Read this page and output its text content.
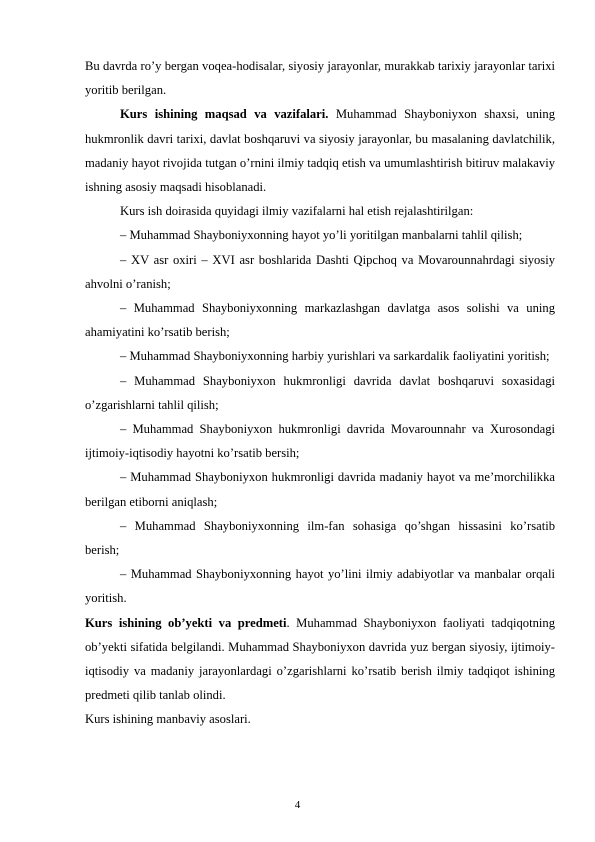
Bu davrda ro’y bergan voqea-hodisalar, siyosiy jarayonlar, murakkab tarixiy jarayonlar tarixi yoritib berilgan.

Kurs ishining maqsad va vazifalari. Muhammad Shayboniyxon shaxsi, uning hukmronlik davri tarixi, davlat boshqaruvi va siyosiy jarayonlar, bu masalaning davlatchilik, madaniy hayot rivojida tutgan o’rnini ilmiy tadqiq etish va umumlashtirish bitiruv malakaviy ishning asosiy maqsadi hisoblanadi.

Kurs ish doirasida quyidagi ilmiy vazifalarni hal etish rejalashtirilgan:

– Muhammad Shayboniyxonning hayot yo’li yoritilgan manbalarni tahlil qilish;

– XV asr oxiri – XVI asr boshlarida Dashti Qipchoq va Movarounnahrdagi siyosiy ahvolni o’ranish;

– Muhammad Shayboniyxonning markazlashgan davlatga asos solishi va uning ahamiyatini ko’rsatib berish;

– Muhammad Shayboniyxonning harbiy yurishlari va sarkardalik faoliyatini yoritish;

– Muhammad Shayboniyxon hukmronligi davrida davlat boshqaruvi soxasidagi o’zgarishlarni tahlil qilish;

– Muhammad Shayboniyxon hukmronligi davrida Movarounnahr va Xurosondagi ijtimoiy-iqtisodiy hayotni ko’rsatib bersih;

– Muhammad Shayboniyxon hukmronligi davrida madaniy hayot va me’morchilikka berilgan etiborni aniqlash;

– Muhammad Shayboniyxonning ilm-fan sohasiga qo’shgan hissasini ko’rsatib berish;

– Muhammad Shayboniyxonning hayot yo’lini ilmiy adabiyotlar va manbalar orqali yoritish.

Kurs ishining ob’yekti va predmeti. Muhammad Shayboniyxon faoliyati tadqiqotning ob’yekti sifatida belgilandi. Muhammad Shayboniyxon davrida yuz bergan siyosiy, ijtimoiy-iqtisodiy va madaniy jarayonlardagi o’zgarishlarni ko’rsatib berish ilmiy tadqiqot ishining predmeti qilib tanlab olindi.

Kurs ishining manbaviy asoslari.

4
